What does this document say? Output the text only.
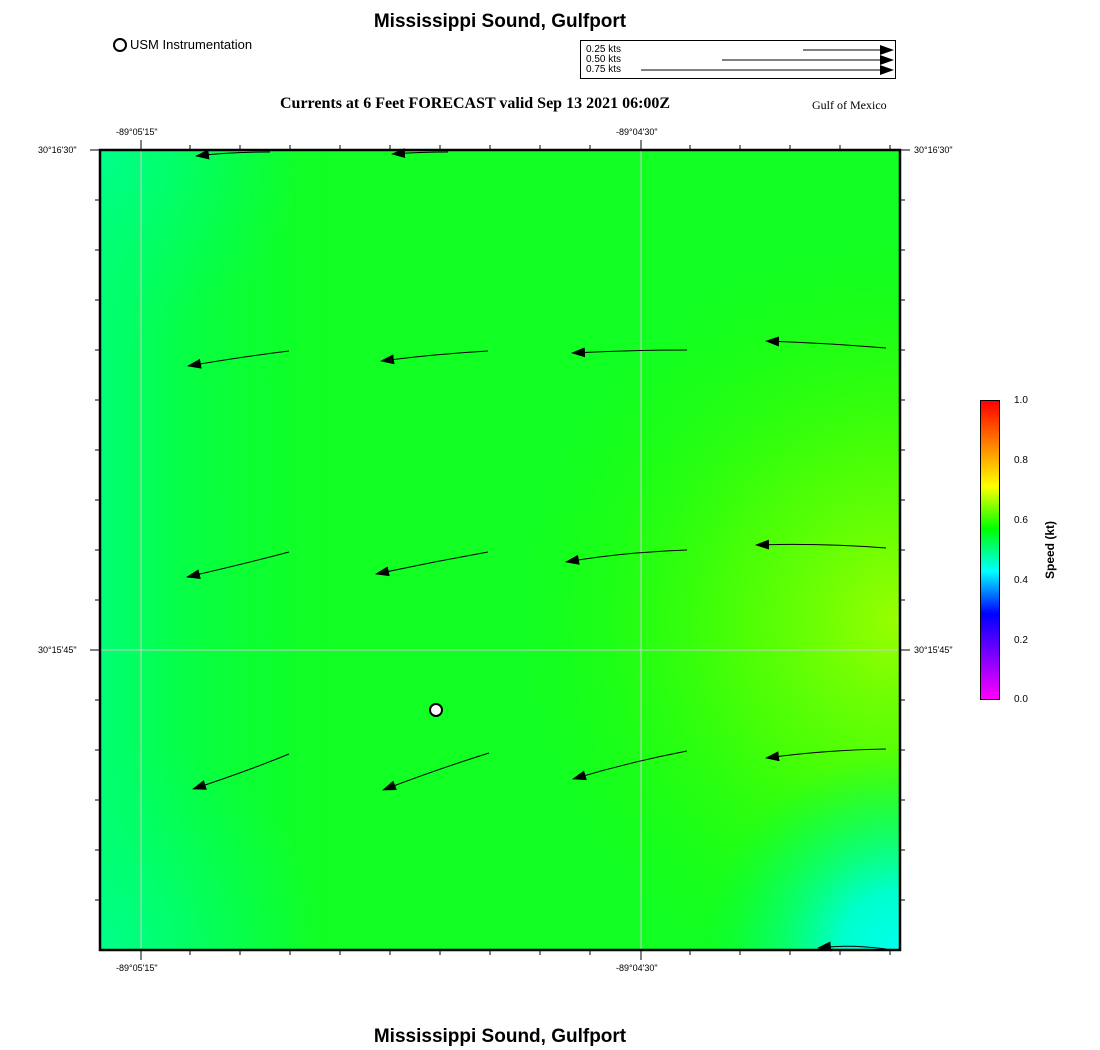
Mississippi Sound, Gulfport
Mississippi Sound, Gulfport
USM Instrumentation	0.25 kts
0.50 kts
0.75 kts
Currents at 6 Feet FORECAST valid Sep 13 2021 06:00Z	Gulf of Mexico
-89°05'15"	-89°04'30"
-89°05'15"	-89°04'30"
30°16'30"
30°15'45"
30°16'30"
30°15'45"
1.0
0.8
0.6
0.4
0.2
0.0
Speed (kt)
